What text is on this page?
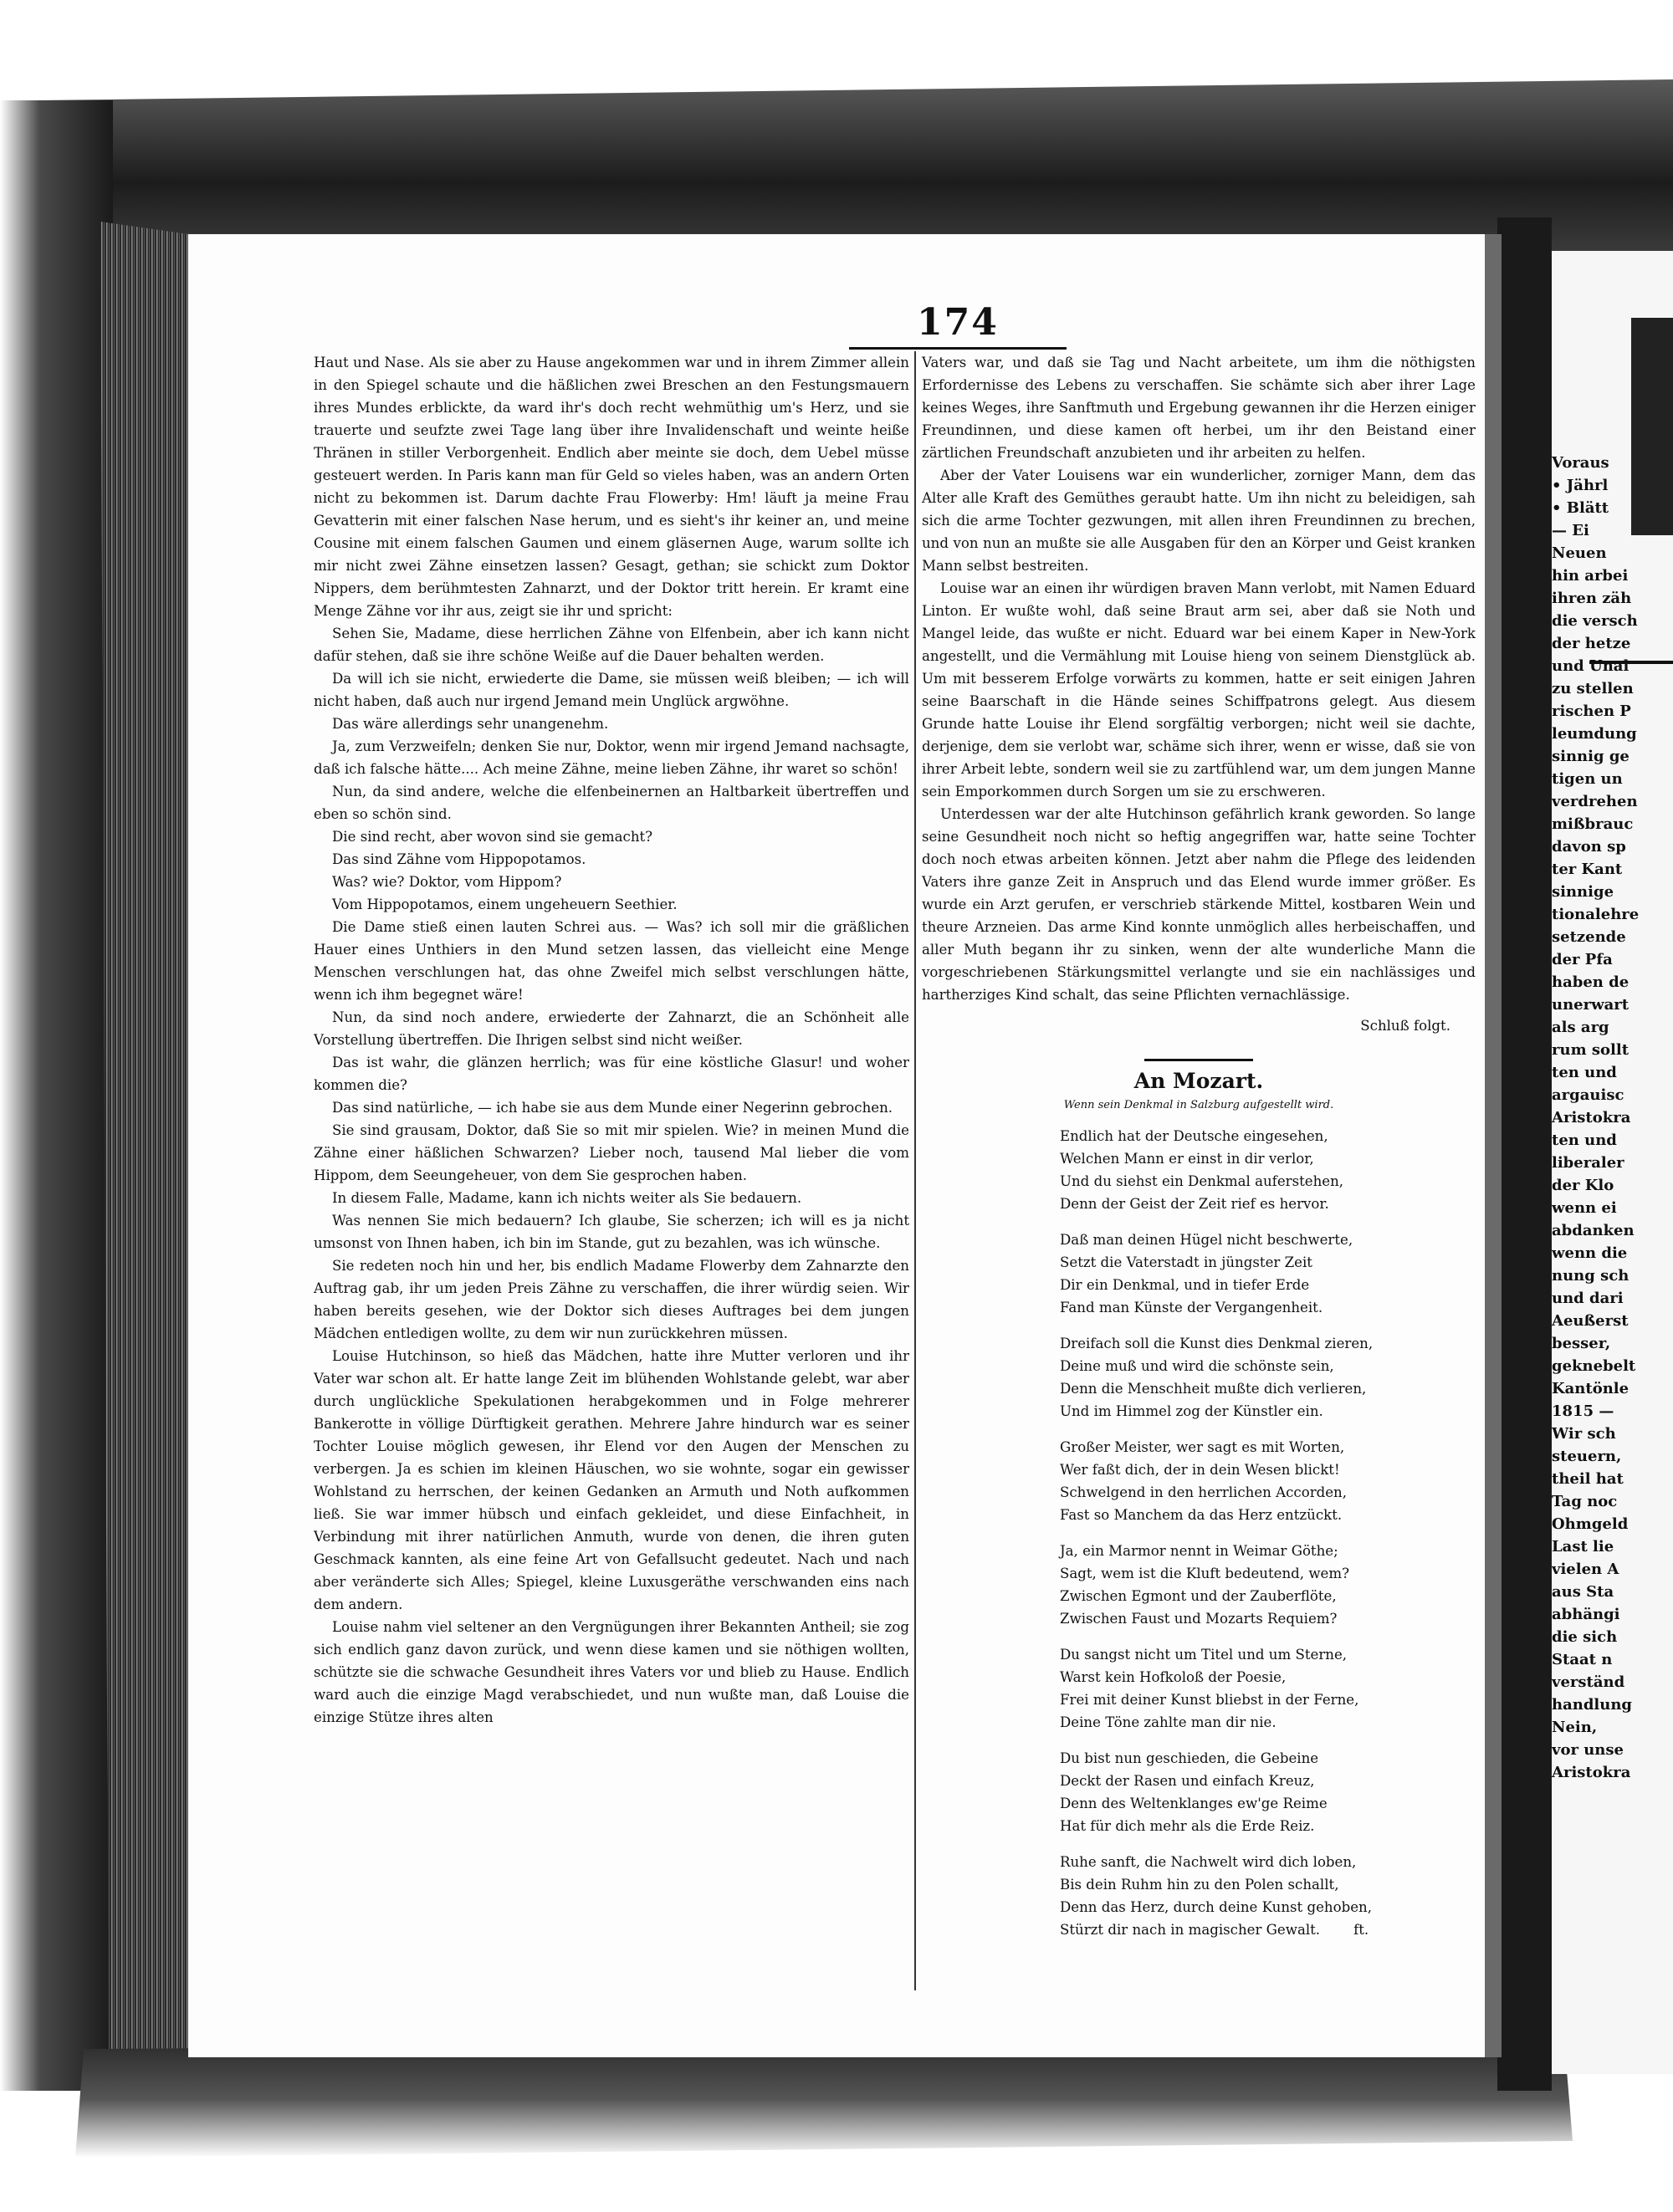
174

Haut und Nase. Als sie aber zu Hause angekommen war und in ihrem Zimmer allein in den Spiegel schaute und die häßlichen zwei Breschen an den Festungsmauern ihres Mundes erblickte, da ward ihr's doch recht wehmüthig um's Herz, und sie trauerte und seufzte zwei Tage lang über ihre Invalidenschaft und weinte heiße Thränen in stiller Verborgenheit. Endlich aber meinte sie doch, dem Uebel müsse gesteuert werden. In Paris kann man für Geld so vieles haben, was an andern Orten nicht zu bekommen ist. Darum dachte Frau Flowerby: Hm! läuft ja meine Frau Gevatterin mit einer falschen Nase herum, und es sieht's ihr keiner an, und meine Cousine mit einem falschen Gaumen und einem gläsernen Auge, warum sollte ich mir nicht zwei Zähne einsetzen lassen? Gesagt, gethan; sie schickt zum Doktor Nippers, dem berühmtesten Zahnarzt, und der Doktor tritt herein. Er kramt eine Menge Zähne vor ihr aus, zeigt sie ihr und spricht:

Sehen Sie, Madame, diese herrlichen Zähne von Elfenbein, aber ich kann nicht dafür stehen, daß sie ihre schöne Weiße auf die Dauer behalten werden.

Da will ich sie nicht, erwiederte die Dame, sie müssen weiß bleiben; — ich will nicht haben, daß auch nur irgend Jemand mein Unglück argwöhne.

Das wäre allerdings sehr unangenehm.

Ja, zum Verzweifeln; denken Sie nur, Doktor, wenn mir irgend Jemand nachsagte, daß ich falsche hätte.... Ach meine Zähne, meine lieben Zähne, ihr waret so schön!

Nun, da sind andere, welche die elfenbeinernen an Haltbarkeit übertreffen und eben so schön sind.

Die sind recht, aber wovon sind sie gemacht?

Das sind Zähne vom Hippopotamos.

Was? wie? Doktor, vom Hippom?

Vom Hippopotamos, einem ungeheuern Seethier.

Die Dame stieß einen lauten Schrei aus. — Was? ich soll mir die gräßlichen Hauer eines Unthiers in den Mund setzen lassen, das vielleicht eine Menge Menschen verschlungen hat, das ohne Zweifel mich selbst verschlungen hätte, wenn ich ihm begegnet wäre!

Nun, da sind noch andere, erwiederte der Zahnarzt, die an Schönheit alle Vorstellung übertreffen. Die Ihrigen selbst sind nicht weißer.

Das ist wahr, die glänzen herrlich; was für eine köstliche Glasur! und woher kommen die?

Das sind natürliche, — ich habe sie aus dem Munde einer Negerinn gebrochen.

Sie sind grausam, Doktor, daß Sie so mit mir spielen. Wie? in meinen Mund die Zähne einer häßlichen Schwarzen? Lieber noch, tausend Mal lieber die vom Hippom, dem Seeungeheuer, von dem Sie gesprochen haben.

In diesem Falle, Madame, kann ich nichts weiter als Sie bedauern.

Was nennen Sie mich bedauern? Ich glaube, Sie scherzen; ich will es ja nicht umsonst von Ihnen haben, ich bin im Stande, gut zu bezahlen, was ich wünsche.

Sie redeten noch hin und her, bis endlich Madame Flowerby dem Zahnarzte den Auftrag gab, ihr um jeden Preis Zähne zu verschaffen, die ihrer würdig seien. Wir haben bereits gesehen, wie der Doktor sich dieses Auftrages bei dem jungen Mädchen entledigen wollte, zu dem wir nun zurückkehren müssen.

Louise Hutchinson, so hieß das Mädchen, hatte ihre Mutter verloren und ihr Vater war schon alt. Er hatte lange Zeit im blühenden Wohlstande gelebt, war aber durch unglückliche Spekulationen herabgekommen und in Folge mehrerer Bankerotte in völlige Dürftigkeit gerathen. Mehrere Jahre hindurch war es seiner Tochter Louise möglich gewesen, ihr Elend vor den Augen der Menschen zu verbergen. Ja es schien im kleinen Häuschen, wo sie wohnte, sogar ein gewisser Wohlstand zu herrschen, der keinen Gedanken an Armuth und Noth aufkommen ließ. Sie war immer hübsch und einfach gekleidet, und diese Einfachheit, in Verbindung mit ihrer natürlichen Anmuth, wurde von denen, die ihren guten Geschmack kannten, als eine feine Art von Gefallsucht gedeutet. Nach und nach aber veränderte sich Alles; Spiegel, kleine Luxusgeräthe verschwanden eins nach dem andern.

Louise nahm viel seltener an den Vergnügungen ihrer Bekannten Antheil; sie zog sich endlich ganz davon zurück, und wenn diese kamen und sie nöthigen wollten, schützte sie die schwache Gesundheit ihres Vaters vor und blieb zu Hause. Endlich ward auch die einzige Magd verabschiedet, und nun wußte man, daß Louise die einzige Stütze ihres alten

Vaters war, und daß sie Tag und Nacht arbeitete, um ihm die nöthigsten Erfordernisse des Lebens zu verschaffen. Sie schämte sich aber ihrer Lage keines Weges, ihre Sanftmuth und Ergebung gewannen ihr die Herzen einiger Freundinnen, und diese kamen oft herbei, um ihr den Beistand einer zärtlichen Freundschaft anzubieten und ihr arbeiten zu helfen.

Aber der Vater Louisens war ein wunderlicher, zorniger Mann, dem das Alter alle Kraft des Gemüthes geraubt hatte. Um ihn nicht zu beleidigen, sah sich die arme Tochter gezwungen, mit allen ihren Freundinnen zu brechen, und von nun an mußte sie alle Ausgaben für den an Körper und Geist kranken Mann selbst bestreiten.

Louise war an einen ihr würdigen braven Mann verlobt, mit Namen Eduard Linton. Er wußte wohl, daß seine Braut arm sei, aber daß sie Noth und Mangel leide, das wußte er nicht. Eduard war bei einem Kaper in New-York angestellt, und die Vermählung mit Louise hieng von seinem Dienstglück ab. Um mit besserem Erfolge vorwärts zu kommen, hatte er seit einigen Jahren seine Baarschaft in die Hände seines Schiffpatrons gelegt. Aus diesem Grunde hatte Louise ihr Elend sorgfältig verborgen; nicht weil sie dachte, derjenige, dem sie verlobt war, schäme sich ihrer, wenn er wisse, daß sie von ihrer Arbeit lebte, sondern weil sie zu zartfühlend war, um dem jungen Manne sein Emporkommen durch Sorgen um sie zu erschweren.

Unterdessen war der alte Hutchinson gefährlich krank geworden. So lange seine Gesundheit noch nicht so heftig angegriffen war, hatte seine Tochter doch noch etwas arbeiten können. Jetzt aber nahm die Pflege des leidenden Vaters ihre ganze Zeit in Anspruch und das Elend wurde immer größer. Es wurde ein Arzt gerufen, er verschrieb stärkende Mittel, kostbaren Wein und theure Arzneien. Das arme Kind konnte unmöglich alles herbeischaffen, und aller Muth begann ihr zu sinken, wenn der alte wunderliche Mann die vorgeschriebenen Stärkungsmittel verlangte und sie ein nachlässiges und hartherziges Kind schalt, das seine Pflichten vernachlässige.

Schluß folgt.
An Mozart.
Wenn sein Denkmal in Salzburg aufgestellt wird.
Endlich hat der Deutsche eingesehen,
Welchen Mann er einst in dir verlor,
Und du siehst ein Denkmal auferstehen,
Denn der Geist der Zeit rief es hervor.
Daß man deinen Hügel nicht beschwerte,
Setzt die Vaterstadt in jüngster Zeit
Dir ein Denkmal, und in tiefer Erde
Fand man Künste der Vergangenheit.
Dreifach soll die Kunst dies Denkmal zieren,
Deine muß und wird die schönste sein,
Denn die Menschheit mußte dich verlieren,
Und im Himmel zog der Künstler ein.
Großer Meister, wer sagt es mit Worten,
Wer faßt dich, der in dein Wesen blickt!
Schwelgend in den herrlichen Accorden,
Fast so Manchem da das Herz entzückt.
Ja, ein Marmor nennt in Weimar Göthe;
Sagt, wem ist die Kluft bedeutend, wem?
Zwischen Egmont und der Zauberflöte,
Zwischen Faust und Mozarts Requiem?
Du sangst nicht um Titel und um Sterne,
Warst kein Hofkoloß der Poesie,
Frei mit deiner Kunst bliebst in der Ferne,
Deine Töne zahlte man dir nie.
Du bist nun geschieden, die Gebeine
Deckt der Rasen und einfach Kreuz,
Denn des Weltenklanges ew'ge Reime
Hat für dich mehr als die Erde Reiz.
Ruhe sanft, die Nachwelt wird dich loben,
Bis dein Ruhm hin zu den Polen schallt,
Denn das Herz, durch deine Kunst gehoben,
Stürzt dir nach in magischer Gewalt. ft.
Voraus
• Jährl
• Blätt
— Ei
Neuen
hin arbei
ihren zäh
die versch
der hetze
und Unal
zu stellen
rischen P
leumdung
sinnig ge
tigen un
verdrehen
mißbrauc
davon sp
ter Kant
sinnige
tionalehre
setzende
der Pfa
haben de
unerwart
als arg
rum sollt
ten und
argauisc
Aristokra
ten und
liberaler
der Klo
wenn ei
abdanken
wenn die
nung sch
und dari
Aeußerst
besser,
geknebelt
Kantönle
1815 —
Wir sch
steuern,
theil hat
Tag noc
Ohmgeld
Last lie
vielen A
aus Sta
abhängi
die sich
Staat n
verständ
handlung
Nein,
vor unse
Aristokra
